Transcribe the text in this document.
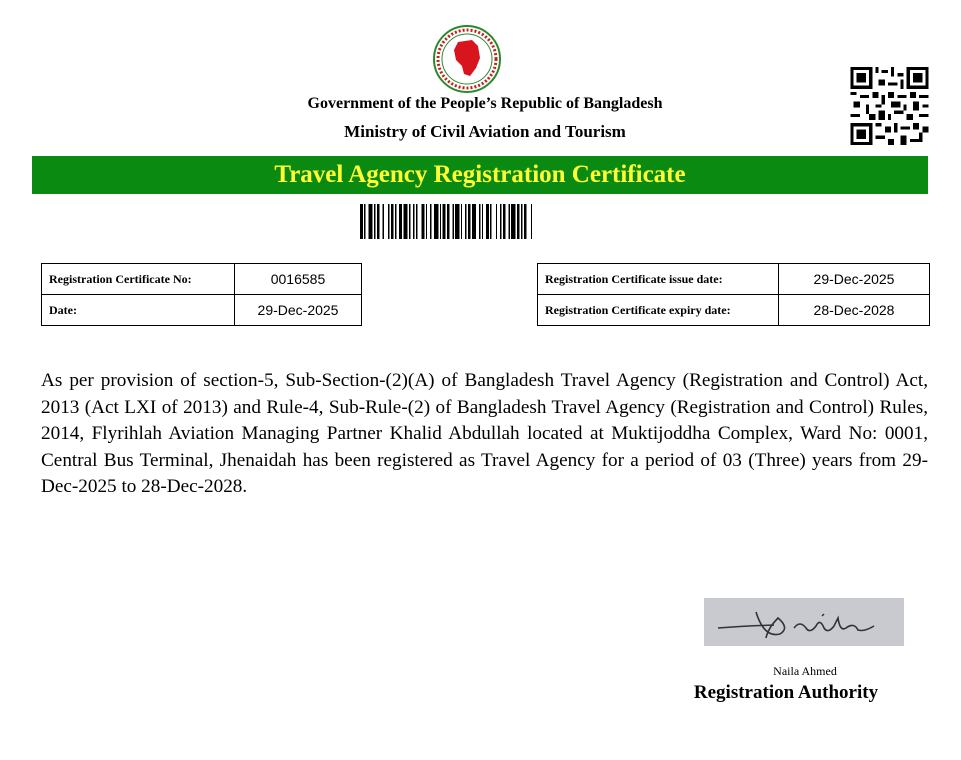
Government of the People’s Republic of Bangladesh
Ministry of Civil Aviation and Tourism
Travel Agency Registration Certificate
Registration Certificate No:	0016585
Date:	29-Dec-2025
Registration Certificate issue date:	29-Dec-2025
Registration Certificate expiry date:	28-Dec-2028
As per provision of section-5, Sub-Section-(2)(A) of Bangladesh Travel Agency (Registration and Control) Act, 2013 (Act LXI of 2013) and Rule-4, Sub-Rule-(2) of Bangladesh Travel Agency (Registration and Control) Rules, 2014, Flyrihlah Aviation Managing Partner Khalid Abdullah located at Muktijoddha Complex, Ward No: 0001, Central Bus Terminal, Jhenaidah has been registered as Travel Agency for a period of 03 (Three) years from 29-Dec-2025 to 28-Dec-2028.
Naila Ahmed
Registration Authority
